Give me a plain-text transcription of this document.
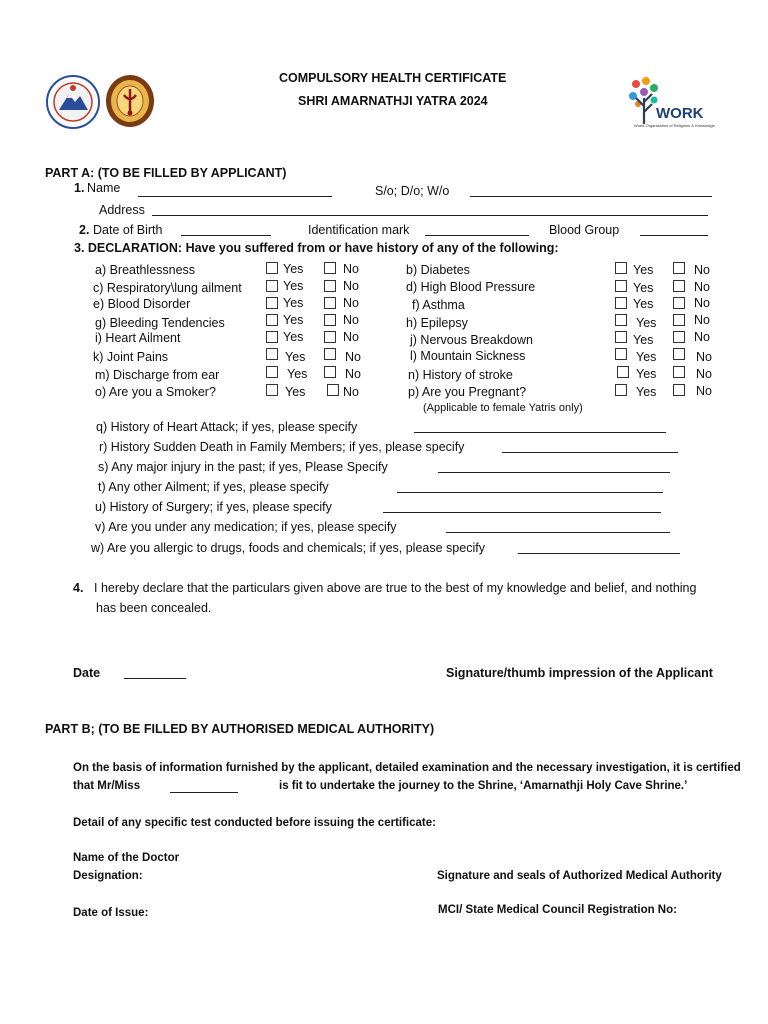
WORK
World Organisation of Religions & Knowledge
COMPULSORY HEALTH CERTIFICATE
SHRI AMARNATHJI YATRA 2024
PART A: (TO BE FILLED BY APPLICANT)
1. Name	S/o; D/o; W/o
Address
2. Date of Birth	Identification mark	Blood Group
3. DECLARATION: Have you suffered from or have history of any of the following:
a) Breathlessness	Yes	No	b) Diabetes	Yes	No
c) Respiratory\lung ailment	Yes	No	d) High Blood Pressure	Yes	No
e) Blood Disorder	Yes	No	f) Asthma	Yes	No
g) Bleeding Tendencies	Yes	No	h) Epilepsy	Yes	No
i) Heart Ailment	Yes	No	j) Nervous Breakdown	Yes	No
k) Joint Pains	Yes	No	l) Mountain Sickness	Yes	No
m) Discharge from ear	Yes	No	n) History of stroke	Yes	No
o) Are you a Smoker?	Yes	No	p) Are you Pregnant?	Yes	No
(Applicable to female Yatris only)
q) History of Heart Attack; if yes, please specify
r) History Sudden Death in Family Members; if yes, please specify
s) Any major injury in the past; if yes, Please Specify
t) Any other Ailment; if yes, please specify
u) History of Surgery; if yes, please specify
v) Are you under any medication; if yes, please specify
w) Are you allergic to drugs, foods and chemicals; if yes, please specify
4. I hereby declare that the particulars given above are true to the best of my knowledge and belief, and nothing
has been concealed.
Date	Signature/thumb impression of the Applicant
PART B; (TO BE FILLED BY AUTHORISED MEDICAL AUTHORITY)
On the basis of information furnished by the applicant, detailed examination and the necessary investigation, it is certified
that Mr/Miss	is fit to undertake the journey to the Shrine, ‘Amarnathji Holy Cave Shrine.’
Detail of any specific test conducted before issuing the certificate:
Name of the Doctor
Designation:	Signature and seals of Authorized Medical Authority
Date of Issue:	MCI/ State Medical Council Registration No:
